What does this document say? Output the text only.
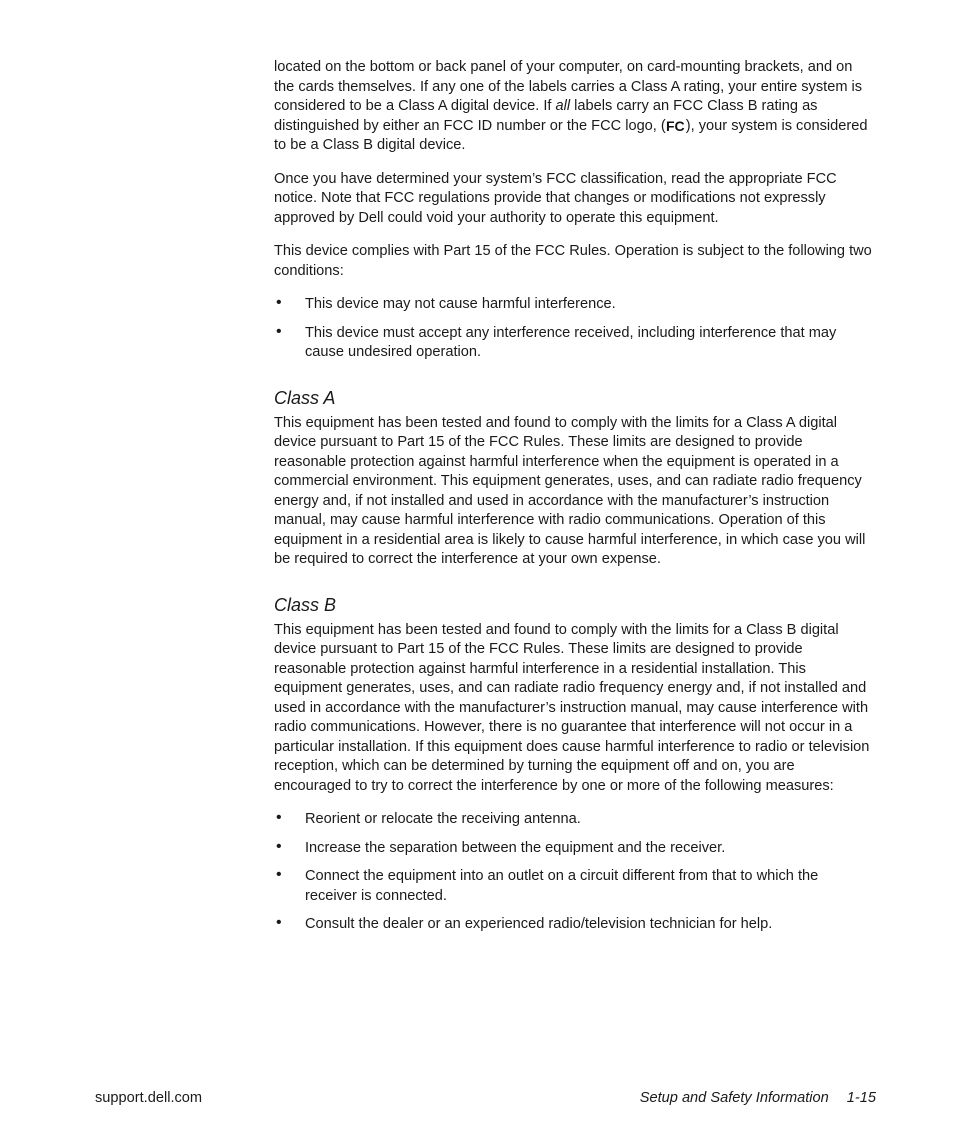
located on the bottom or back panel of your computer, on card-mounting brackets, and on the cards themselves. If any one of the labels carries a Class A rating, your entire system is considered to be a Class A digital device. If all labels carry an FCC Class B rating as distinguished by either an FCC ID number or the FCC logo, ( FC ), your system is considered to be a Class B digital device.

Once you have determined your system’s FCC classification, read the appropriate FCC notice. Note that FCC regulations provide that changes or modifications not expressly approved by Dell could void your authority to operate this equipment.

This device complies with Part 15 of the FCC Rules. Operation is subject to the following two conditions:

• This device may not cause harmful interference.
• This device must accept any interference received, including interference that may cause undesired operation.
Class A

This equipment has been tested and found to comply with the limits for a Class A digital device pursuant to Part 15 of the FCC Rules. These limits are designed to provide reasonable protection against harmful interference when the equipment is operated in a commercial environment. This equipment generates, uses, and can radiate radio frequency energy and, if not installed and used in accordance with the manufacturer’s instruction manual, may cause harmful interference with radio communications. Operation of this equipment in a residential area is likely to cause harmful interference, in which case you will be required to correct the interference at your own expense.

Class B

This equipment has been tested and found to comply with the limits for a Class B digital device pursuant to Part 15 of the FCC Rules. These limits are designed to provide reasonable protection against harmful interference in a residential installation. This equipment generates, uses, and can radiate radio frequency energy and, if not installed and used in accordance with the manufacturer’s instruction manual, may cause interference with radio communications. However, there is no guarantee that interference will not occur in a particular installation. If this equipment does cause harmful interference to radio or television reception, which can be determined by turning the equipment off and on, you are encouraged to try to correct the interference by one or more of the following measures:

• Reorient or relocate the receiving antenna.
• Increase the separation between the equipment and the receiver.
• Connect the equipment into an outlet on a circuit different from that to which the receiver is connected.
• Consult the dealer or an experienced radio/television technician for help.
support.dell.com	Setup and Safety Information 1-15
